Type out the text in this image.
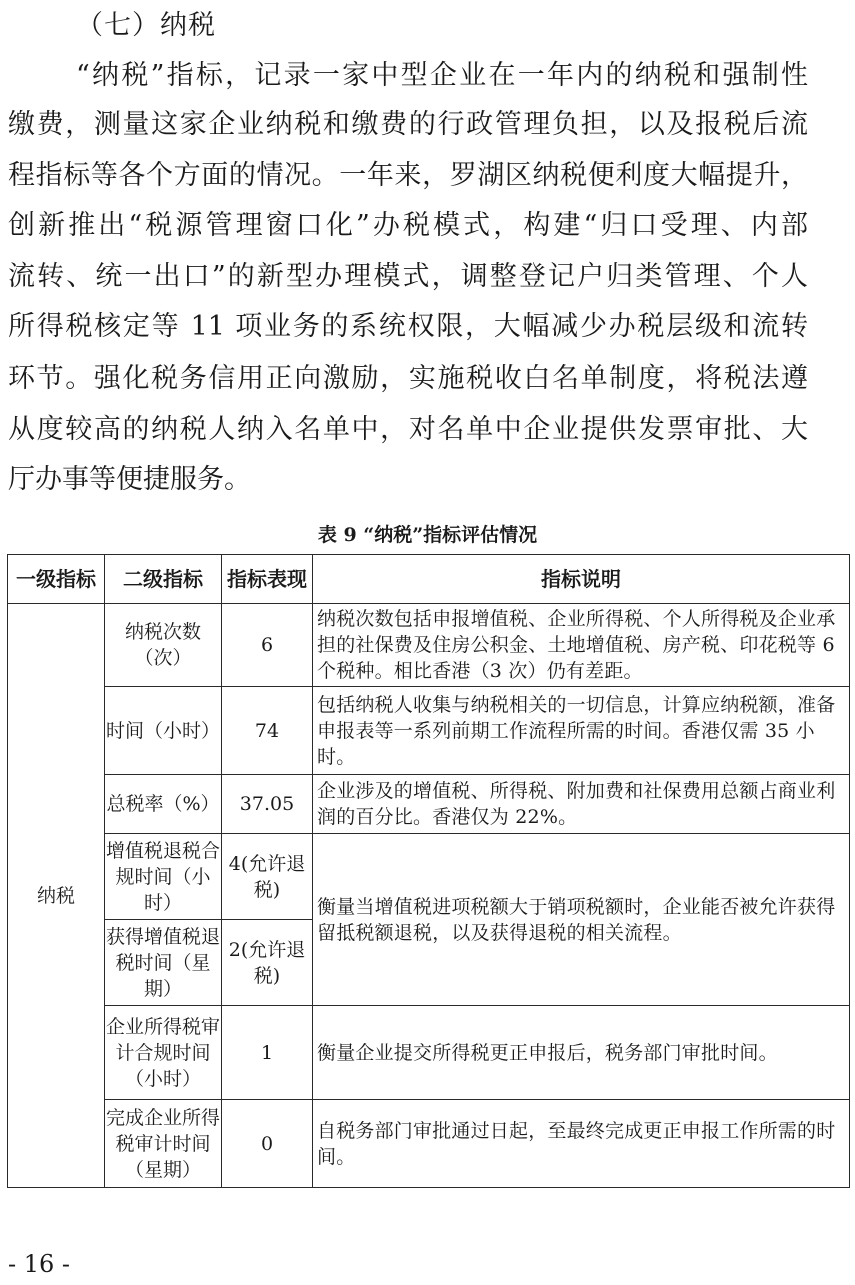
（七）纳税
“纳税”指标，记录一家中型企业在一年内的纳税和强制性
缴费，测量这家企业纳税和缴费的行政管理负担，以及报税后流
程指标等各个方面的情况。一年来，罗湖区纳税便利度大幅提升，
创新推出“税源管理窗口化”办税模式，构建“归口受理、内部
流转、统一出口”的新型办理模式，调整登记户归类管理、个人
所得税核定等 11 项业务的系统权限，大幅减少办税层级和流转
环节。强化税务信用正向激励，实施税收白名单制度，将税法遵
从度较高的纳税人纳入名单中，对名单中企业提供发票审批、大
厅办事等便捷服务。
表 9 “纳税”指标评估情况
一级指标	二级指标	指标表现	指标说明
纳税	纳税次数（次）	6	纳税次数包括申报增值税、企业所得税、个人所得税及企业承担的社保费及住房公积金、土地增值税、房产税、印花税等 6 个税种。相比香港（3 次）仍有差距。
	时间（小时）	74	包括纳税人收集与纳税相关的一切信息，计算应纳税额，准备申报表等一系列前期工作流程所需的时间。香港仅需 35 小时。
	总税率（%）	37.05	企业涉及的增值税、所得税、附加费和社保费用总额占商业利润的百分比。香港仅为 22%。
	增值税退税合规时间（小时）	4(允许退税)	衡量当增值税进项税额大于销项税额时，企业能否被允许获得留抵税额退税，以及获得退税的相关流程。
	获得增值税退税时间（星期）	2(允许退税)	
	企业所得税审计合规时间（小时）	1	衡量企业提交所得税更正申报后，税务部门审批时间。
	完成企业所得税审计时间（星期）	0	自税务部门审批通过日起，至最终完成更正申报工作所需的时间。
- 16 -
